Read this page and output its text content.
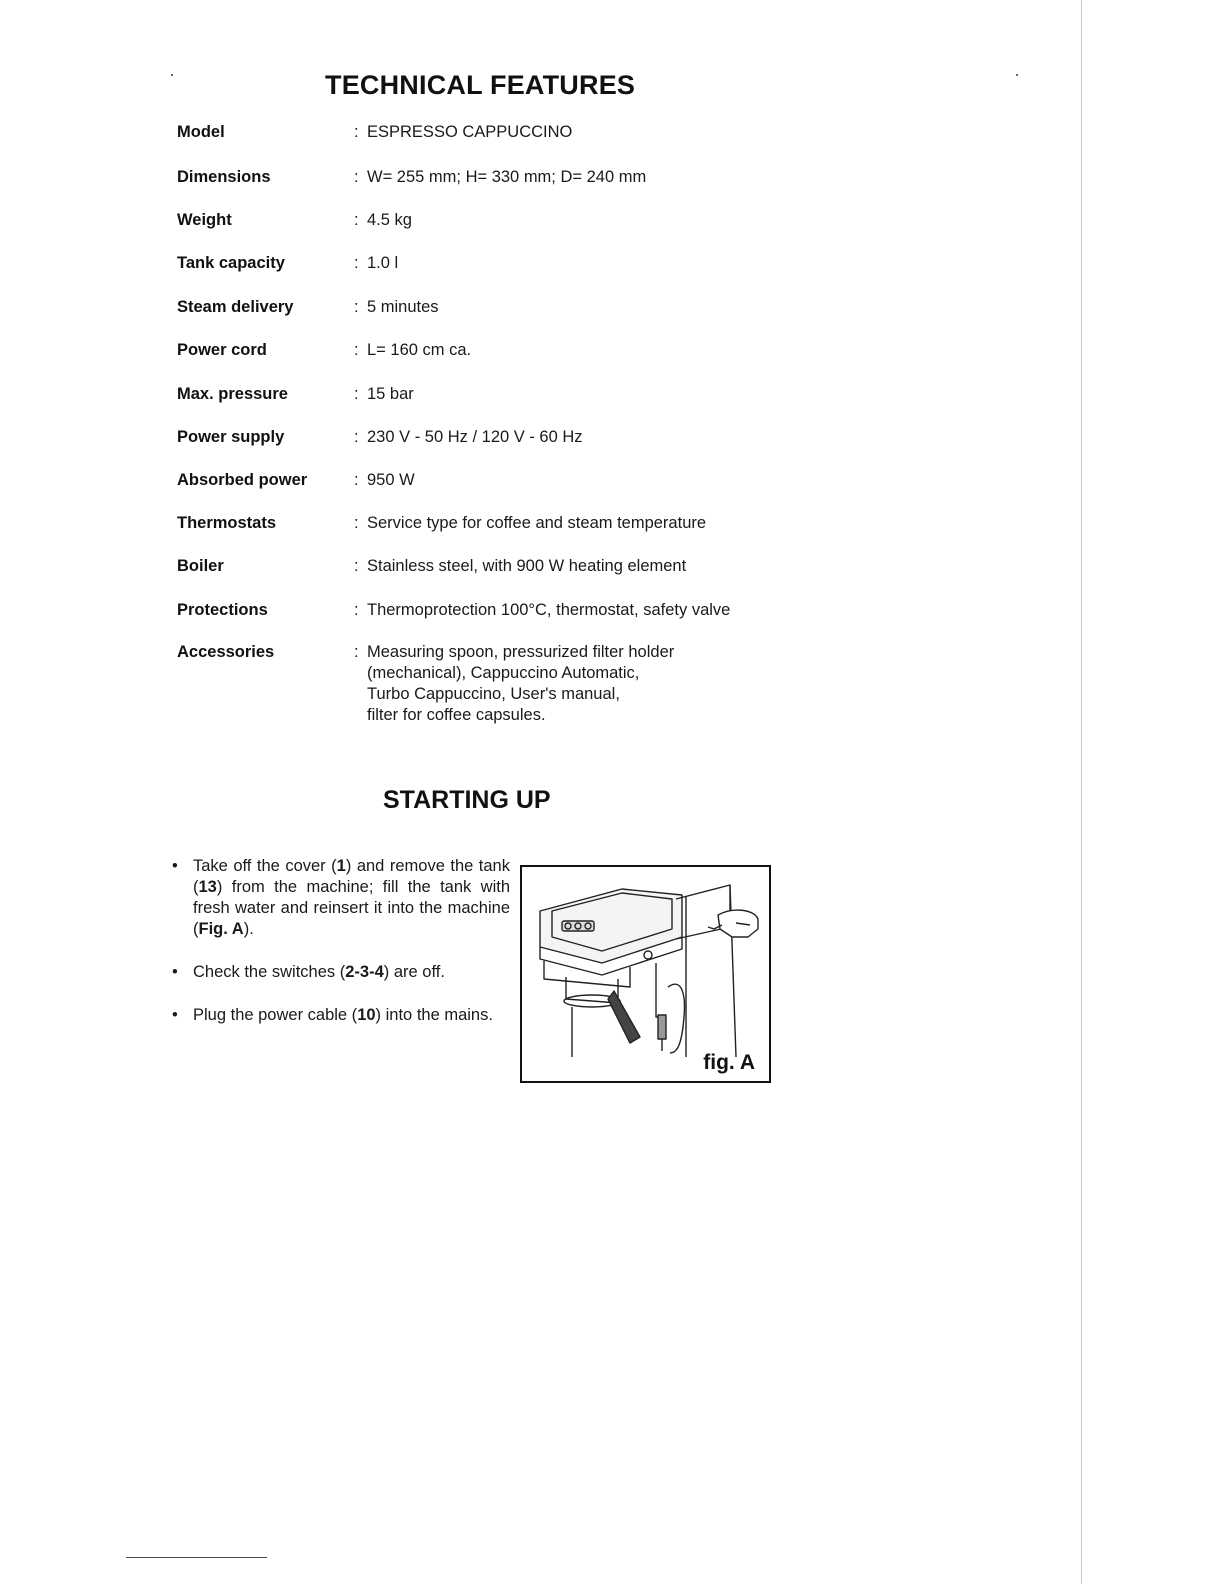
TECHNICAL FEATURES
Model	: ESPRESSO CAPPUCCINO
Dimensions	: W= 255 mm; H= 330 mm; D= 240 mm
Weight	: 4.5 kg
Tank capacity	: 1.0 l
Steam delivery	: 5 minutes
Power cord	: L= 160 cm ca.
Max. pressure	: 15 bar
Power supply	: 230 V - 50 Hz / 120 V - 60 Hz
Absorbed power	: 950 W
Thermostats	: Service type for coffee and steam temperature
Boiler	: Stainless steel, with 900 W heating element
Protections	: Thermoprotection 100°C, thermostat, safety valve
Accessories	: Measuring spoon, pressurized filter holder
(mechanical), Cappuccino Automatic,
Turbo Cappuccino, User's manual,
filter for coffee capsules.
STARTING UP
• Take off the cover (1) and remove the tank (13) from the machine; fill the tank with fresh water and reinsert it into the machine (Fig. A).
• Check the switches (2-3-4) are off.
• Plug the power cable (10) into the mains.
fig. A
